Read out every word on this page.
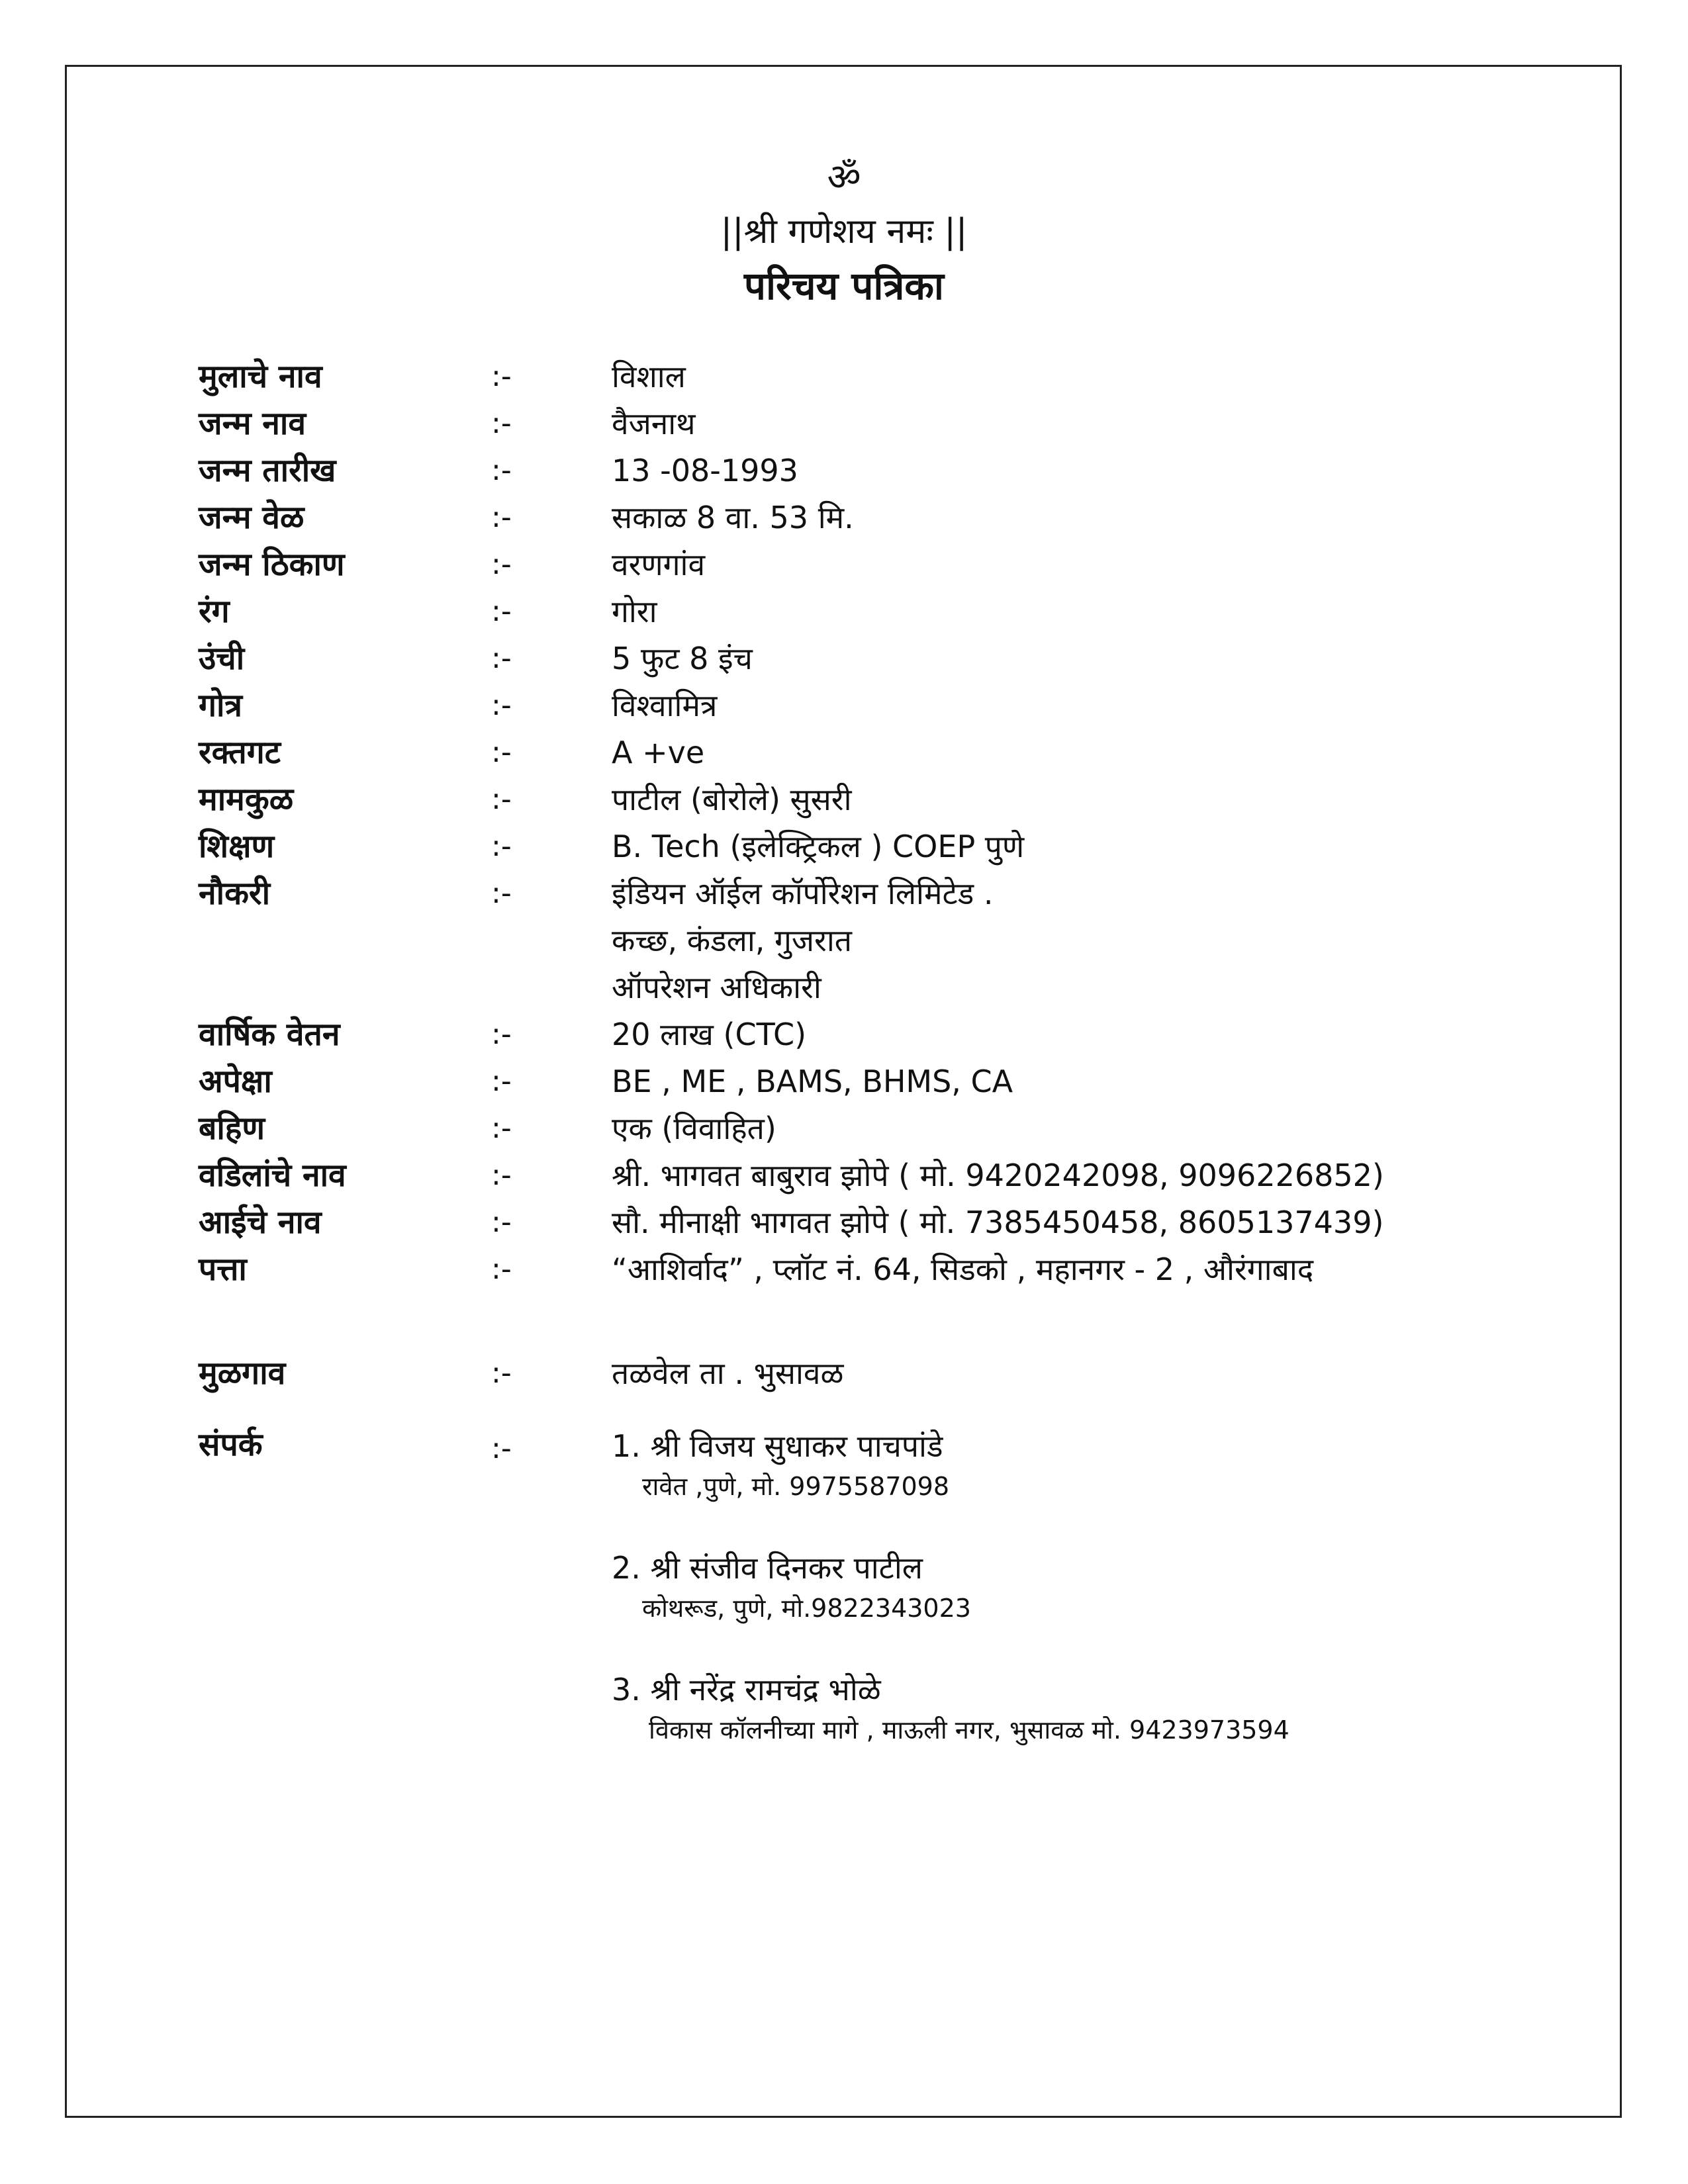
ॐ
||श्री गणेशय नमः ||
परिचय पत्रिका
मुलाचे नाव	:-	विशाल
जन्म नाव	:-	वैजनाथ
जन्म तारीख	:-	13 -08-1993
जन्म वेळ	:-	सकाळ 8 वा. 53 मि.
जन्म ठिकाण	:-	वरणगांव
रंग	:-	गोरा
उंची	:-	5 फुट 8 इंच
गोत्र	:-	विश्वामित्र
रक्तगट	:-	A +ve
मामकुळ	:-	पाटील (बोरोले) सुसरी
शिक्षण	:-	B. Tech (इलेक्ट्रिकल ) COEP पुणे
नौकरी	:-	इंडियन ऑईल कॉर्पोरेशन लिमिटेड .
कच्छ, कंडला, गुजरात
ऑपरेशन अधिकारी
वार्षिक वेतन	:-	20 लाख (CTC)
अपेक्षा	:-	BE , ME , BAMS, BHMS, CA
बहिण	:-	एक (विवाहित)
वडिलांचे नाव	:-	श्री. भागवत बाबुराव झोपे ( मो. 9420242098, 9096226852)
आईचे नाव	:-	सौ. मीनाक्षी भागवत झोपे ( मो. 7385450458, 8605137439)
पत्ता	:-	“आशिर्वाद” , प्लॉट नं. 64, सिडको , महानगर - 2 , औरंगाबाद
मुळगाव	:-	तळवेल ता . भुसावळ
संपर्क	:-	1. श्री विजय सुधाकर पाचपांडे
रावेत ,पुणे, मो. 9975587098
2. श्री संजीव दिनकर पाटील
कोथरूड, पुणे, मो.9822343023
3. श्री नरेंद्र रामचंद्र भोळे
विकास कॉलनीच्या मागे , माऊली नगर, भुसावळ मो. 9423973594
